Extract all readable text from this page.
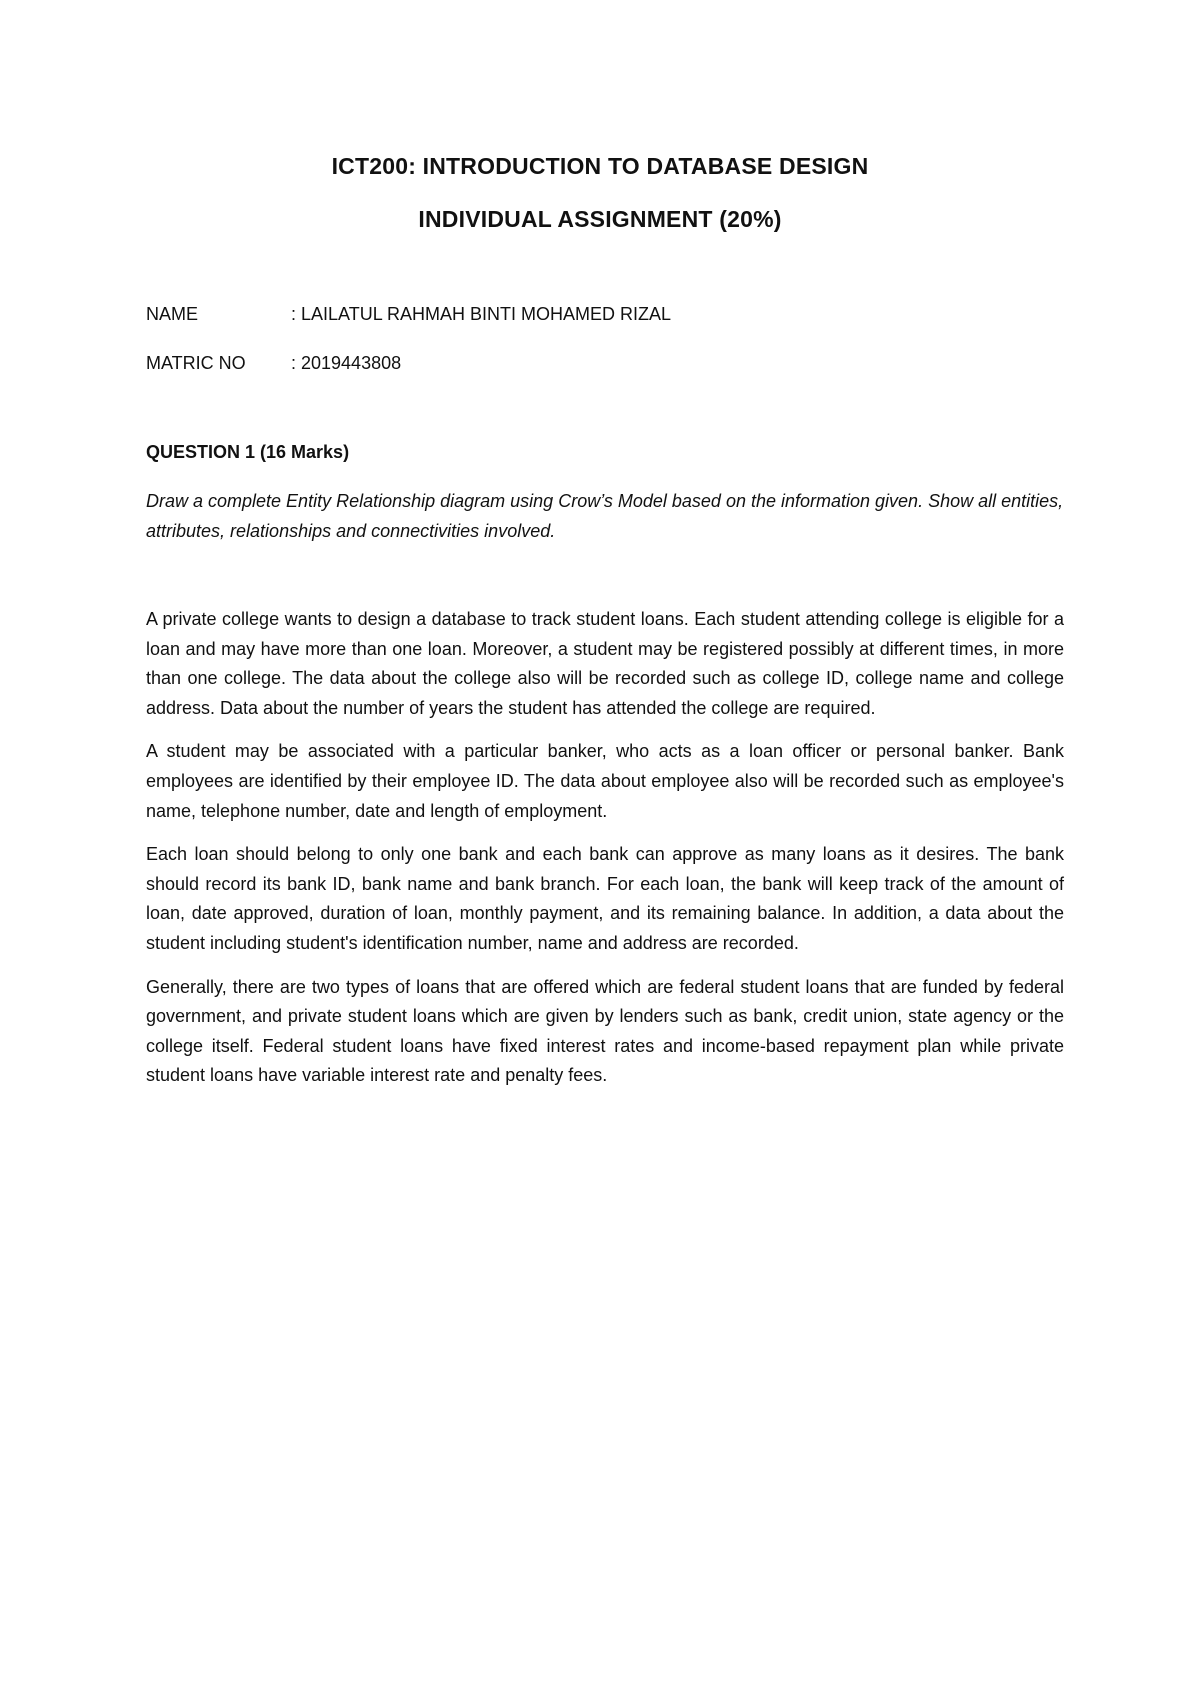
ICT200: INTRODUCTION TO DATABASE DESIGN
INDIVIDUAL ASSIGNMENT (20%)
NAME	: LAILATUL RAHMAH BINTI MOHAMED RIZAL
MATRIC NO	: 2019443808
QUESTION 1 (16 Marks)
Draw a complete Entity Relationship diagram using Crow’s Model based on the information given. Show all entities, attributes, relationships and connectivities involved.

A private college wants to design a database to track student loans. Each student attending college is eligible for a loan and may have more than one loan. Moreover, a student may be registered possibly at different times, in more than one college. The data about the college also will be recorded such as college ID, college name and college address. Data about the number of years the student has attended the college are required.

A student may be associated with a particular banker, who acts as a loan officer or personal banker. Bank employees are identified by their employee ID. The data about employee also will be recorded such as employee's name, telephone number, date and length of employment.

Each loan should belong to only one bank and each bank can approve as many loans as it desires. The bank should record its bank ID, bank name and bank branch. For each loan, the bank will keep track of the amount of loan, date approved, duration of loan, monthly payment, and its remaining balance. In addition, a data about the student including student's identification number, name and address are recorded.

Generally, there are two types of loans that are offered which are federal student loans that are funded by federal government, and private student loans which are given by lenders such as bank, credit union, state agency or the college itself. Federal student loans have fixed interest rates and income-based repayment plan while private student loans have variable interest rate and penalty fees.
